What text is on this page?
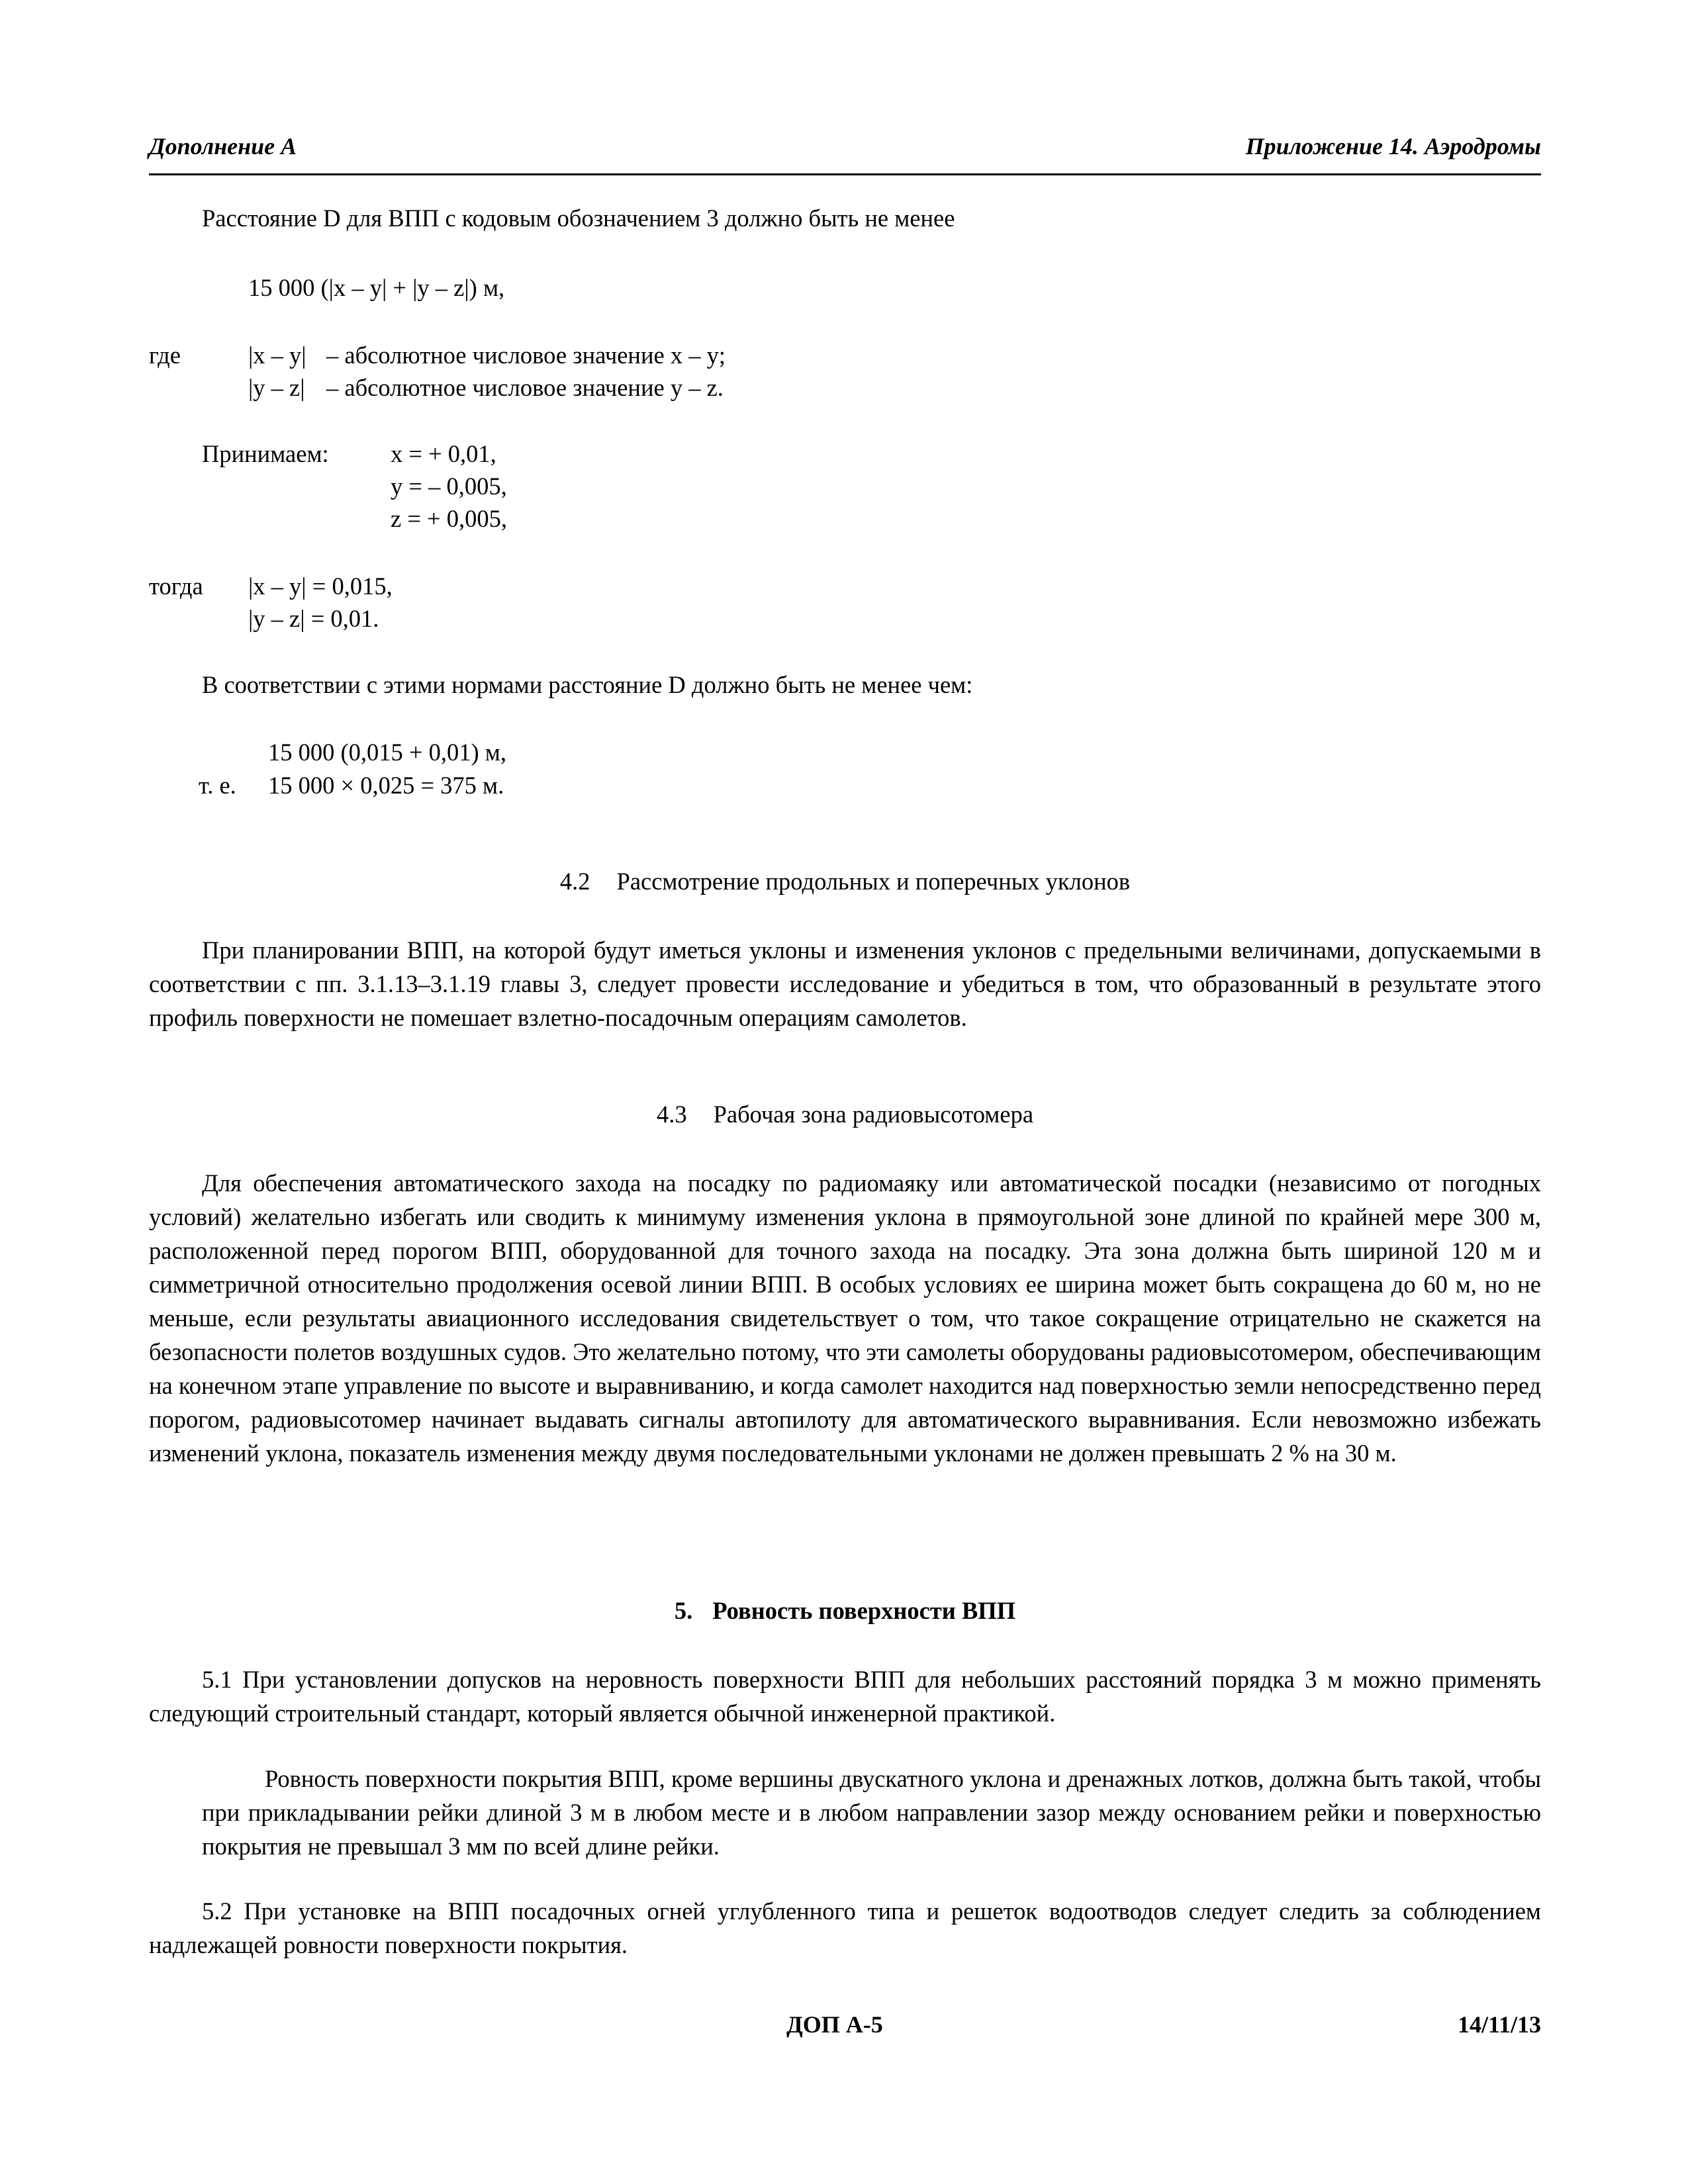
Дополнение A	Приложение 14. Аэродромы
Расстояние D для ВПП с кодовым обозначением 3 должно быть не менее
15 000 (|x – y| + |y – z|) м,
где	|x – y| – абсолютное числовое значение x – y;
|y – z| – абсолютное числовое значение y – z.
Принимаем:	x = + 0,01,
y = – 0,005,
z = + 0,005,
тогда |x – y| = 0,015,
|y – z| = 0,01.
В соответствии с этими нормами расстояние D должно быть не менее чем:
15 000 (0,015 + 0,01) м,
т. е. 15 000 × 0,025 = 375 м.
4.2 Рассмотрение продольных и поперечных уклонов
При планировании ВПП, на которой будут иметься уклоны и изменения уклонов с предельными величинами, допускаемыми в соответствии с пп. 3.1.13–3.1.19 главы 3, следует провести исследование и убедиться в том, что образованный в результате этого профиль поверхности не помешает взлетно-посадочным операциям самолетов.
4.3 Рабочая зона радиовысотомера
Для обеспечения автоматического захода на посадку по радиомаяку или автоматической посадки (независимо от погодных условий) желательно избегать или сводить к минимуму изменения уклона в прямоугольной зоне длиной по крайней мере 300 м, расположенной перед порогом ВПП, оборудованной для точного захода на посадку. Эта зона должна быть шириной 120 м и симметричной относительно продолжения осевой линии ВПП. В особых условиях ее ширина может быть сокращена до 60 м, но не меньше, если результаты авиационного исследования свидетельствует о том, что такое сокращение отрицательно не скажется на безопасности полетов воздушных судов. Это желательно потому, что эти самолеты оборудованы радиовысотомером, обеспечивающим на конечном этапе управление по высоте и выравниванию, и когда самолет находится над поверхностью земли непосредственно перед порогом, радиовысотомер начинает выдавать сигналы автопилоту для автоматического выравнивания. Если невозможно избежать изменений уклона, показатель изменения между двумя последовательными уклонами не должен превышать 2 % на 30 м.
5. Ровность поверхности ВПП
5.1 При установлении допусков на неровность поверхности ВПП для небольших расстояний порядка 3 м можно применять следующий строительный стандарт, который является обычной инженерной практикой.
Ровность поверхности покрытия ВПП, кроме вершины двускатного уклона и дренажных лотков, должна быть такой, чтобы при прикладывании рейки длиной 3 м в любом месте и в любом направлении зазор между основанием рейки и поверхностью покрытия не превышал 3 мм по всей длине рейки.
5.2 При установке на ВПП посадочных огней углубленного типа и решеток водоотводов следует следить за соблюдением надлежащей ровности поверхности покрытия.
ДОП A-5	14/11/13
